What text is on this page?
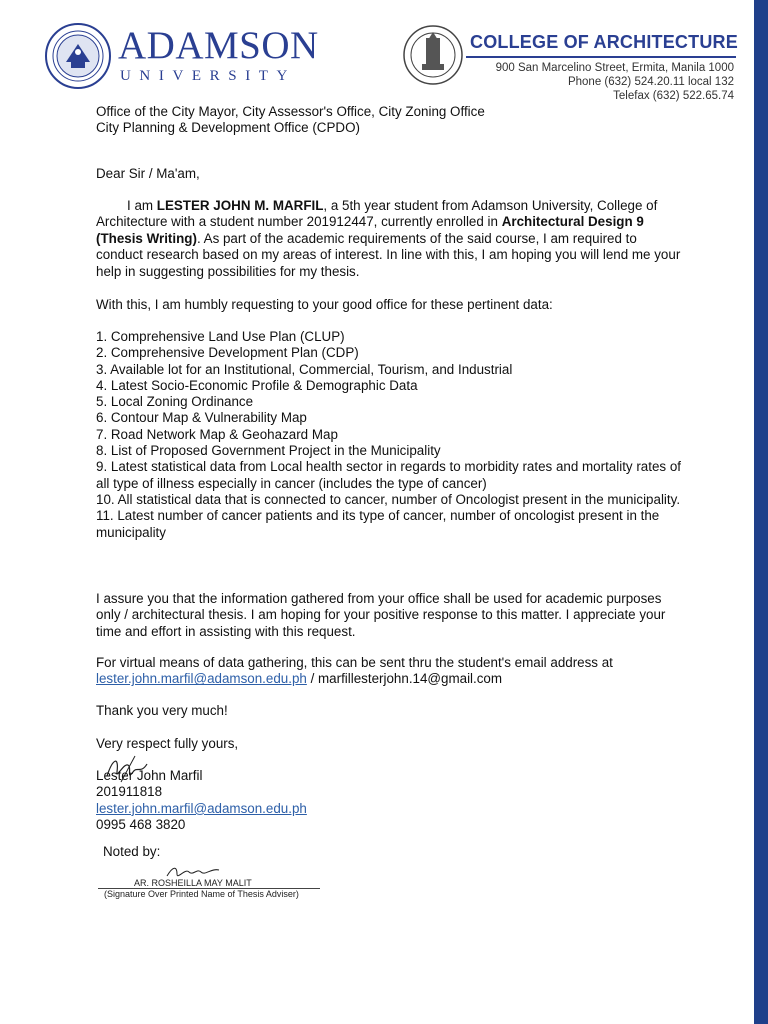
ADAMSON
UNIVERSITY
COLLEGE OF ARCHITECTURE
900 San Marcelino Street, Ermita, Manila 1000
Phone (632) 524.20.11 local 132
Telefax (632) 522.65.74
Office of the City Mayor, City Assessor's Office, City Zoning Office
City Planning & Development Office (CPDO)
Dear Sir / Ma'am,
I am LESTER JOHN M. MARFIL, a 5th year student from Adamson University, College of Architecture with a student number 201912447, currently enrolled in Architectural Design 9 (Thesis Writing). As part of the academic requirements of the said course, I am required to conduct research based on my areas of interest. In line with this, I am hoping you will lend me your help in suggesting possibilities for my thesis.
With this, I am humbly requesting to your good office for these pertinent data:
1. Comprehensive Land Use Plan (CLUP)
2. Comprehensive Development Plan (CDP)
3. Available lot for an Institutional, Commercial, Tourism, and Industrial
4. Latest Socio-Economic Profile & Demographic Data
5. Local Zoning Ordinance
6. Contour Map & Vulnerability Map
7. Road Network Map & Geohazard Map
8. List of Proposed Government Project in the Municipality
9. Latest statistical data from Local health sector in regards to morbidity rates and mortality rates of all type of illness especially in cancer (includes the type of cancer)
10. All statistical data that is connected to cancer, number of Oncologist present in the municipality.
11. Latest number of cancer patients and its type of cancer, number of oncologist present in the municipality
I assure you that the information gathered from your office shall be used for academic purposes only / architectural thesis. I am hoping for your positive response to this matter. I appreciate your time and effort in assisting with this request.
For virtual means of data gathering, this can be sent thru the student's email address at
lester.john.marfil@adamson.edu.ph / marfillesterjohn.14@gmail.com
Thank you very much!
Very respect fully yours,
Lester John Marfil
201911818
lester.john.marfil@adamson.edu.ph
0995 468 3820
Noted by:
AR. ROSHEILLA MAY MALIT
(Signature Over Printed Name of Thesis Adviser)
